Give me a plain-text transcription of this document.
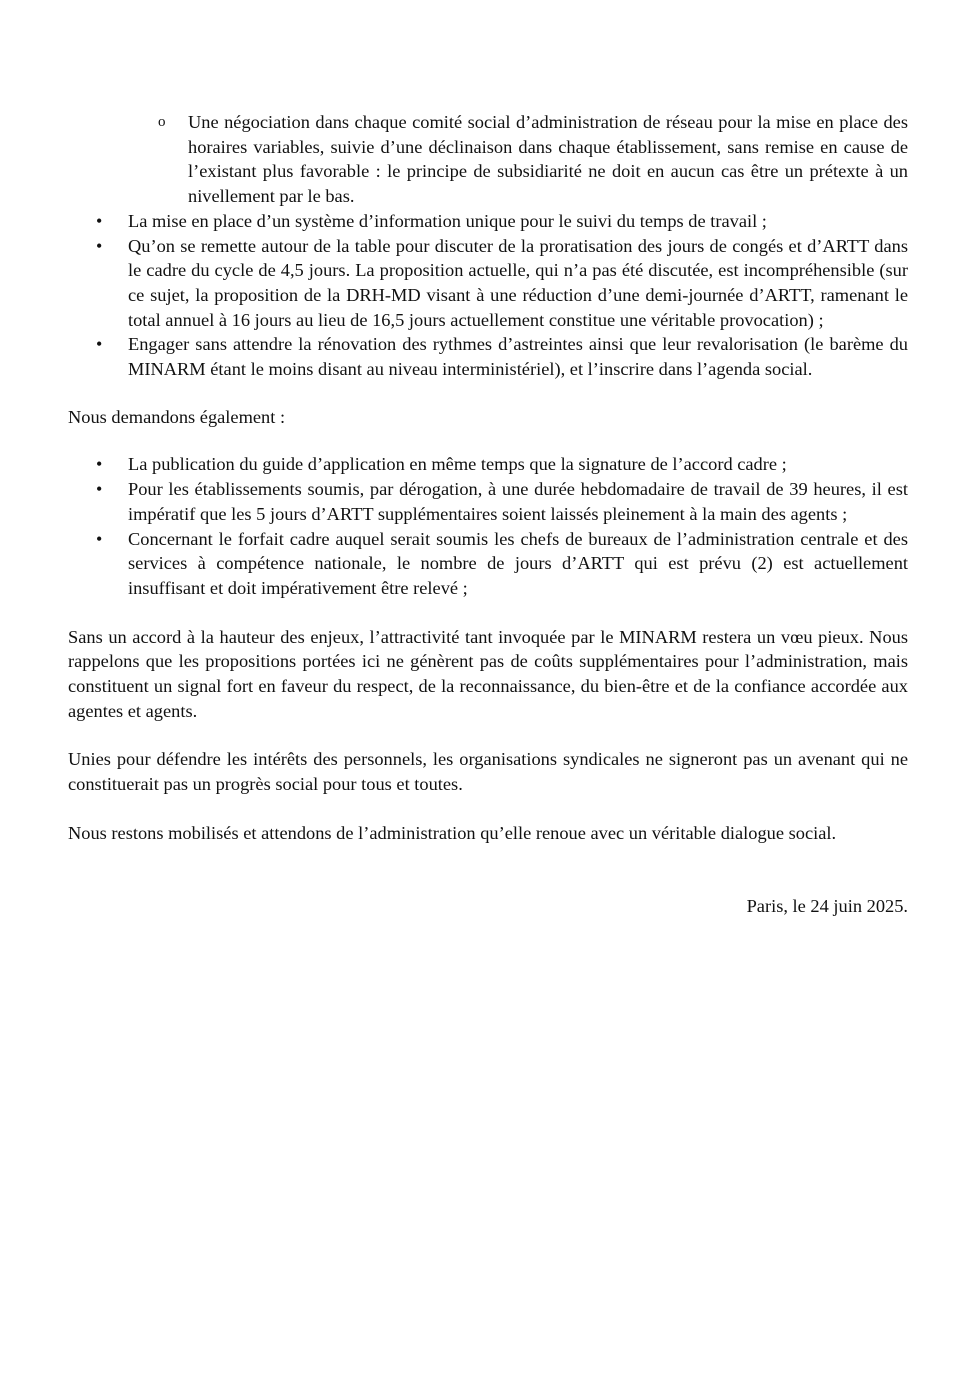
o Une négociation dans chaque comité social d’administration de réseau pour la mise en place des horaires variables, suivie d’une déclinaison dans chaque établissement, sans remise en cause de l’existant plus favorable : le principe de subsidiarité ne doit en aucun cas être un prétexte à un nivellement par le bas.
• La mise en place d’un système d’information unique pour le suivi du temps de travail ;
• Qu’on se remette autour de la table pour discuter de la proratisation des jours de congés et d’ARTT dans le cadre du cycle de 4,5 jours. La proposition actuelle, qui n’a pas été discutée, est incompréhensible (sur ce sujet, la proposition de la DRH-MD visant à une réduction d’une demi-journée d’ARTT, ramenant le total annuel à 16 jours au lieu de 16,5 jours actuellement constitue une véritable provocation) ;
• Engager sans attendre la rénovation des rythmes d’astreintes ainsi que leur revalorisation (le barème du MINARM étant le moins disant au niveau interministériel), et l’inscrire dans l’agenda social.

Nous demandons également :

• La publication du guide d’application en même temps que la signature de l’accord cadre ;
• Pour les établissements soumis, par dérogation, à une durée hebdomadaire de travail de 39 heures, il est impératif que les 5 jours d’ARTT supplémentaires soient laissés pleinement à la main des agents ;
• Concernant le forfait cadre auquel serait soumis les chefs de bureaux de l’administration centrale et des services à compétence nationale, le nombre de jours d’ARTT qui est prévu (2) est actuellement insuffisant et doit impérativement être relevé ;

Sans un accord à la hauteur des enjeux, l’attractivité tant invoquée par le MINARM restera un vœu pieux. Nous rappelons que les propositions portées ici ne génèrent pas de coûts supplémentaires pour l’administration, mais constituent un signal fort en faveur du respect, de la reconnaissance, du bien-être et de la confiance accordée aux agentes et agents.

Unies pour défendre les intérêts des personnels, les organisations syndicales ne signeront pas un avenant qui ne constituerait pas un progrès social pour tous et toutes.

Nous restons mobilisés et attendons de l’administration qu’elle renoue avec un véritable dialogue social.

Paris, le 24 juin 2025.
